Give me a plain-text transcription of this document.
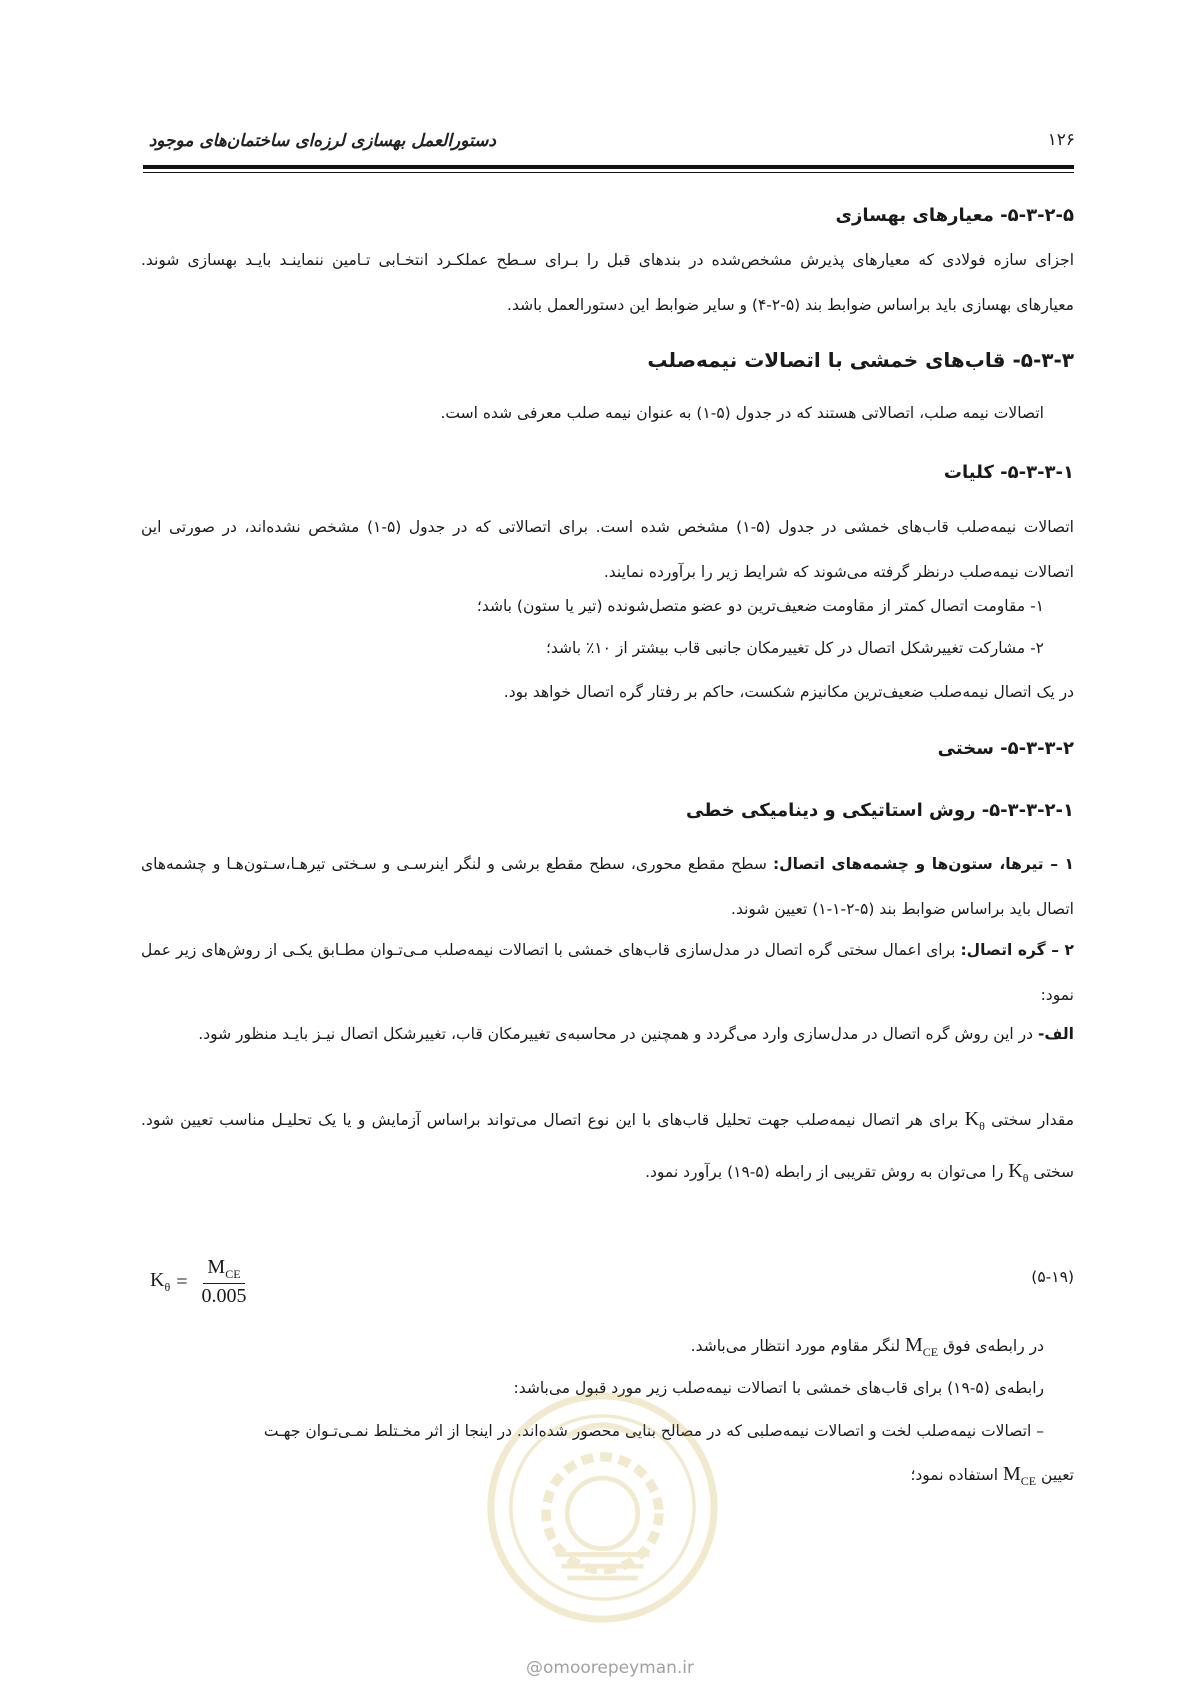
دستورالعمل بهسازی لرزه‌ای ساختمان‌های موجود	۱۲۶
۵-۳-۲-۵- معیارهای بهسازی
اجزای سازه فولادی که معیارهای پذیرش مشخص‌شده در بندهای قبل را بـرای سـطح عملکـرد انتخـابی تـامین ننماینـد بایـد بهسازی شوند. معیارهای بهسازی باید براساس ضوابط بند (۵-۲-۴) و سایر ضوابط این دستورالعمل باشد.
۵-۳-۳- قاب‌های خمشی با اتصالات نیمه‌صلب
اتصالات نیمه صلب، اتصالاتی هستند که در جدول (۵-۱) به عنوان نیمه صلب معرفی شده است.
۵-۳-۳-۱- کلیات
اتصالات نیمه‌صلب قاب‌های خمشی در جدول (۵-۱) مشخص شده است. برای اتصالاتی که در جدول (۵-۱) مشخص نشده‌اند، در صورتی این اتصالات نیمه‌صلب درنظر گرفته می‌شوند که شرایط زیر را برآورده نمایند.
۱- مقاومت اتصال کمتر از مقاومت ضعیف‌ترین دو عضو متصل‌شونده (تیر یا ستون) باشد؛
۲- مشارکت تغییرشکل اتصال در کل تغییرمکان جانبی قاب بیشتر از ۱۰٪ باشد؛
در یک اتصال نیمه‌صلب ضعیف‌ترین مکانیزم شکست، حاکم بر رفتار گره اتصال خواهد بود.
۵-۳-۳-۲- سختی
۵-۳-۳-۲-۱- روش استاتیکی و دینامیکی خطی
۱ – تیرها، ستون‌ها و چشمه‌های اتصال: سطح مقطع محوری، سطح مقطع برشی و لنگر اینرسـی و سـختی تیرهـا،سـتون‌هـا و چشمه‌های اتصال باید براساس ضوابط بند (۵-۲-۱-۱) تعیین شوند.
۲ – گره اتصال: برای اعمال سختی گره اتصال در مدل‌سازی قاب‌های خمشی با اتصالات نیمه‌صلب مـی‌تـوان مطـابق یکـی از روش‌های زیر عمل نمود:
الف- در این روش گره اتصال در مدل‌سازی وارد می‌گردد و همچنین در محاسبه‌ی تغییرمکان قاب، تغییرشکل اتصال نیـز بایـد منظور شود.
مقدار سختی $K_\theta$ برای هر اتصال نیمه‌صلب جهت تحلیل قاب‌های با این نوع اتصال می‌تواند براساس آزمایش و یا یک تحلیـل مناسب تعیین شود. سختی $K_\theta$ را می‌توان به روش تقریبی از رابطه (۵-۱۹) برآورد نمود.
$K_\theta = \frac{M_{CE}}{0.005}$	(۵-۱۹)
در رابطه‌ی فوق $M_{CE}$ لنگر مقاوم مورد انتظار می‌باشد.
رابطه‌ی (۵-۱۹) برای قاب‌های خمشی با اتصالات نیمه‌صلب زیر مورد قبول می‌باشد:
– اتصالات نیمه‌صلب لخت و اتصالات نیمه‌صلبی که در مصالح بنایی محصور شده‌اند. در اینجا از اثر مخـتلط نمـی‌تـوان جهـت
تعیین $M_{CE}$ استفاده نمود؛
@omoorepeyman.ir
